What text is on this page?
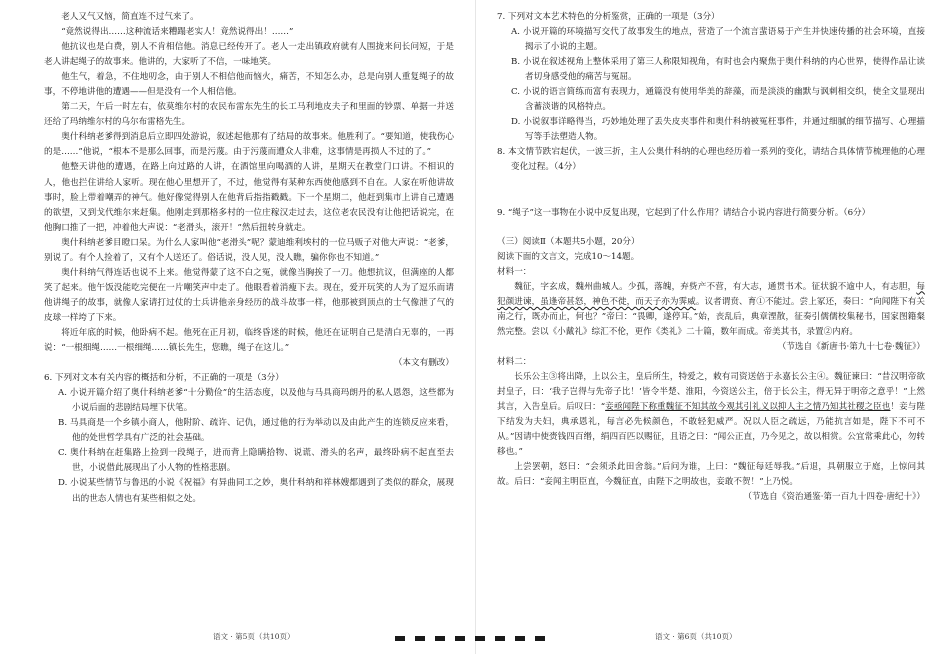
老人又气又恼，简直连不过气来了。

“竟然说得出……这种流话来糟蹋老实人！竟然说得出！……”

他抗议也是白费，别人不肯相信他。消息已经传开了。老人一走出镇政府就有人围拢来问长问短，于是老人讲起绳子的故事来。他讲的，大家听了不信，一味地笑。

他生气，着急，不住地叨念，由于别人不相信他而恼火，痛苦，不知怎么办，总是向别人重复绳子的故事，不停地讲他的遭遇——但是没有一个人相信他。

第二天，午后一时左右，依莫维尔村的农民布雷东先生的长工马利地皮夫子和里面的钞票、单据一并送还给了玛纳维尔村的乌尔布雷格先生。

奥什科纳老爹得到消息后立即四处游说，叙述起他那有了结局的故事来。他胜利了。“要知道，使我伤心的是……”他说，“根本不是那么回事，而是污蔑。由于污蔑而遭众人非难，这事情是再损人不过的了。”

他整天讲他的遭遇，在路上向过路的人讲，在酒馆里向喝酒的人讲，星期天在教堂门口讲。不相识的人，他也拦住讲给人家听。现在他心里想开了，不过，他觉得有某种东西使他感到不自在。人家在听他讲故事时，脸上带着嘲弄的神气。他好像觉得别人在他背后指指戳戳。下一个星期二，他赶到集市上讲自己遭遇的欲望，又到戈代维尔来赶集。他刚走到那格多村的一位庄稼汉走过去，这位老农民没有让他把话说完，在他胸口推了一把，冲着他大声说：“老滑头，滚开！”然后扭转身就走。

奥什科纳老爹目瞪口呆。为什么人家叫他“老滑头”呢？蒙迪维利埃村的一位马贩子对他大声说：“老爹，别说了。有个人捡着了，又有个人送还了。俗话说，没人见，没人瞧，骗你你也不知道。”

奥什科纳气得连话也说不上来。他觉得蒙了这不白之冤，就像当胸挨了一刀。他想抗议，但满座的人都笑了起来。他午饭没能吃完便在一片嘲笑声中走了。他眼看着消瘦下去。现在，爱开玩笑的人为了逗乐而请他讲绳子的故事，就像人家请打过仗的士兵讲他亲身经历的战斗故事一样，他那被到顶点的士气像泄了气的皮球一样垮了下来。

将近年底的时候，他卧病不起。他死在正月初，临终昏迷的时候，他还在证明自己是清白无辜的，一再说：“一根细绳……一根细绳……镇长先生，您瞧，绳子在这儿。”

（本文有删改）

6. 下列对文本有关内容的概括和分析，不正确的一项是（3分）

A. 小说开篇介绍了奥什科纳老爹“十分勤俭”的生活态度，以及他与马具商玛朗丹的私人恩怨，这些都为小说后面的悲剧结局埋下伏笔。

B. 马具商是一个乡镇小商人，他附阶、疏许、记仇，通过他的行为举动以及由此产生的连锁反应来看，他的处世哲学具有广泛的社会基础。

C. 奥什科纳在赶集路上捡到一段绳子，进而背上隐瞒拾物、说谎、滑头的名声，最终卧病不起直至去世，小说借此展现出了小人物的性格悲剧。

D. 小说某些情节与鲁迅的小说《祝福》有异曲同工之妙，奥什科纳和祥林嫂都遇到了类似的群众，展现出的世态人情也有某些相似之处。

语文 · 第5页（共10页）

7. 下列对文本艺术特色的分析鉴赏，正确的一项是（3分）

A. 小说开篇的环境描写交代了故事发生的地点，营造了一个流言蜚语易于产生并快速传播的社会环境，直接揭示了小说的主题。

B. 小说在叙述视角上整体采用了第三人称限知视角，有时也会内聚焦于奥什科纳的内心世界，使得作品让读者切身感受他的痛苦与冤屈。

C. 小说的语言简练而富有表现力，通篇没有使用华美的辞藻，而是淡淡的幽默与讽刺相交织，使全文显现出含蓄淡谐的风格特点。

D. 小说叙事详略得当，巧妙地处理了丢失皮夹事件和奥什科纳被冤枉事件，并通过细腻的细节描写、心理描写等手法塑造人物。

8. 本文情节跌宕起伏，一波三折，主人公奥什科纳的心理也经历着一系列的变化，请结合具体情节梳理他的心理变化过程。（4分）

9. “绳子”这一事物在小说中反复出现，它起到了什么作用？请结合小说内容进行简要分析。（6分）

（三）阅读Ⅱ（本题共5小题，20分）

阅读下面的文言文，完成10～14题。

材料一：

魏征，字玄成，魏州曲城人。少孤，落魄，弃赀产不营，有大志，通贯书术。征状貌不逾中人，有志胆，每犯颜进谏，虽逢帝甚怒，神色不徙，而天子亦为霁威。议者谓贲、育①不能过。尝上冢还，奏曰：“向闻陛下有关南之行，既办而止，何也？”帝曰：“畏卿，遂停耳。”始，丧乱后，典章湮散，征奏引儒儒校集秘书，国家图籍粲然完整。尝以《小戴礼》综汇不伦，更作《类礼》二十篇，数年而成。帝美其书，录置②内府。

（节选自《新唐书·第九十七卷·魏征》）

材料二：

长乐公主③将出降，上以公主，皇后所生，特爱之，敕有司资送倍于永嘉长公主④。魏征谏曰：“昔汉明帝欲封皇子，曰：‘我子岂得与先帝子比！’皆令半楚、淮阳，今资送公主，倍于长公主，得无异于明帝之意乎！”上然其言，入告皇后。后叹曰：“妾亟闻陛下称重魏征不知其故今观其引礼义以抑人主之情乃知其社稷之臣也！妾与陛下结发为夫妇，典承恩礼，每言必先候颜色，不敢轻犯威严。况以人臣之疏远，乃能抗言如是，陛下不可不从。”因请中使赍钱四百缗，绢四百匹以赐征，且语之曰：“闻公正直，乃今见之，故以相赏。公宜常乘此心，勿转移也。”

上尝罢朝，怒曰：“会须杀此田舍翁。”后问为谁，上曰：“魏征每廷辱我。”后退，具朝服立于庭，上惊问其故。后曰：“妾闻主明臣直，今魏征直，由陛下之明故也，妾敢不贺！”上乃悦。

（节选自《资治通鉴·第一百九十四卷·唐纪十》）

语文 · 第6页（共10页）
